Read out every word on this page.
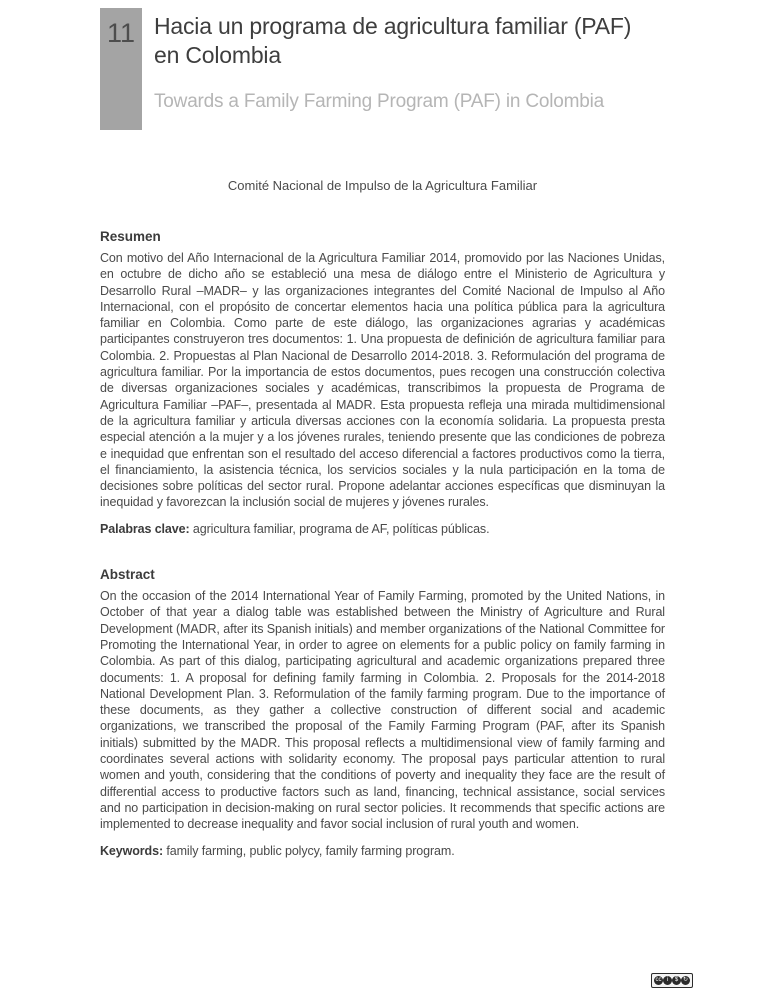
11 Hacia un programa de agricultura familiar (PAF) en Colombia
Towards a Family Farming Program (PAF) in Colombia

Comité Nacional de Impulso de la Agricultura Familiar

Resumen

Con motivo del Año Internacional de la Agricultura Familiar 2014, promovido por las Naciones Unidas, en octubre de dicho año se estableció una mesa de diálogo entre el Ministerio de Agricultura y Desarrollo Rural –MADR– y las organizaciones integrantes del Comité Nacional de Impulso al Año Internacional, con el propósito de concertar elementos hacia una política pública para la agricultura familiar en Colombia. Como parte de este diálogo, las organizaciones agrarias y académicas participantes construyeron tres documentos: 1. Una propuesta de definición de agricultura familiar para Colombia. 2. Propuestas al Plan Nacional de Desarrollo 2014-2018. 3. Reformulación del programa de agricultura familiar. Por la importancia de estos documentos, pues recogen una construcción colectiva de diversas organizaciones sociales y académicas, transcribimos la propuesta de Programa de Agricultura Familiar –PAF–, presentada al MADR. Esta propuesta refleja una mirada multidimensional de la agricultura familiar y articula diversas acciones con la economía solidaria. La propuesta presta especial atención a la mujer y a los jóvenes rurales, teniendo presente que las condiciones de pobreza e inequidad que enfrentan son el resultado del acceso diferencial a factores productivos como la tierra, el financiamiento, la asistencia técnica, los servicios sociales y la nula participación en la toma de decisiones sobre políticas del sector rural. Propone adelantar acciones específicas que disminuyan la inequidad y favorezcan la inclusión social de mujeres y jóvenes rurales.

Palabras clave: agricultura familiar, programa de AF, políticas públicas.

Abstract

On the occasion of the 2014 International Year of Family Farming, promoted by the United Nations, in October of that year a dialog table was established between the Ministry of Agriculture and Rural Development (MADR, after its Spanish initials) and member organizations of the National Committee for Promoting the International Year, in order to agree on elements for a public policy on family farming in Colombia. As part of this dialog, participating agricultural and academic organizations prepared three documents: 1. A proposal for defining family farming in Colombia. 2. Proposals for the 2014-2018 National Development Plan. 3. Reformulation of the family farming program. Due to the importance of these documents, as they gather a collective construction of different social and academic organizations, we transcribed the proposal of the Family Farming Program (PAF, after its Spanish initials) submitted by the MADR. This proposal reflects a multidimensional view of family farming and coordinates several actions with solidarity economy. The proposal pays particular attention to rural women and youth, considering that the conditions of poverty and inequality they face are the result of differential access to productive factors such as land, financing, technical assistance, social services and no participation in decision-making on rural sector policies. It recommends that specific actions are implemented to decrease inequality and favor social inclusion of rural youth and women.

Keywords: family farming, public polycy, family farming program.

cc i	$ ↻
